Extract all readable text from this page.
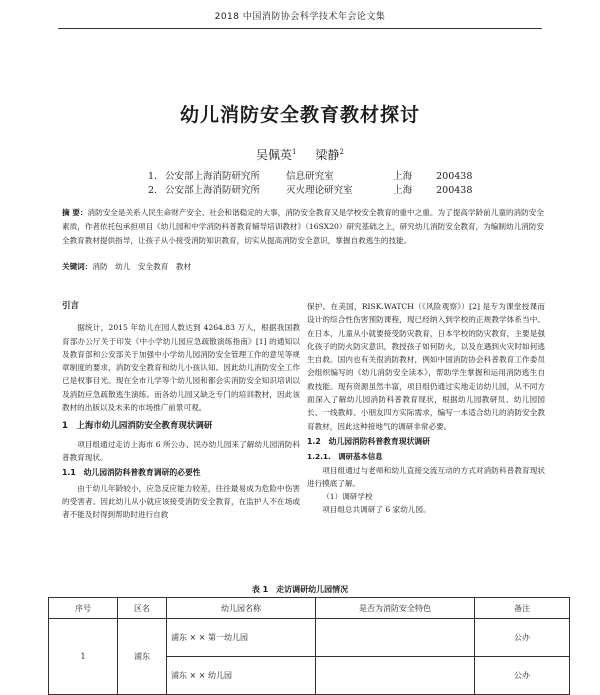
2018 中国消防协会科学技术年会论文集
幼儿消防安全教育教材探讨
吴佩英$^1$ 梁静$^2$
1. 公安部上海消防研究所	信息研究室	上海	200438
2. 公安部上海消防研究所	灭火理论研究室	上海	200438
摘 要：消防安全是关系人民生命财产安全、社会和谐稳定的大事，消防安全教育又是学校安全教育的重中之重。为了提高学龄前儿童的消防安全素质，作者依托包承担项目《幼儿园和中学消防科普教育辅导培训教材》（16SX20）研究基础之上，研究幼儿消防安全教育，为编制幼儿消防安全教育教材提供指导，让孩子从小接受消防知识教育，切实从提高消防安全意识，掌握自救逃生的技能。
关键词：消防　幼儿　安全教育　教材
引言

据统计，2015 年幼儿在园人数达到 4264.83 万人，根据我国教育部办公厅关于印发《中小学幼儿园应急疏散演练指南》[1] 的通知以及教育部和公安部关于加强中小学幼儿园消防安全管理工作的意见等规章制度的要求，消防安全教育和幼儿小孩认知。因此幼儿消防安全工作已是权事目光。现在全市儿学等个幼儿园和都会实消防安全知识培训以及消防应急疏散逃生演练。而各幼儿园又缺乏专门的培训教材，因此该教材的出版以及未来的市场推广前景可观。

1　上海市幼儿园消防安全教育现状调研

项目组通过走访上海市 6 所公办、民办幼儿园来了解幼儿园消防科普教育现状。

1.1　幼儿园消防科普教育调研的必要性

由于幼儿年龄较小，应急反应能力较差，往往最易成为危险中伤害的受害者。因此幼儿从小就应该接受消防安全教育，在监护人不在场或者不能及时得到帮助时进行自救

保护。在美国，RISK.WATCH（《风险观察》）[2] 是专为课堂授课而设计的综合性伤害预防课程，现已经纳入到学校的正规教学体系当中。在日本，儿童从小就要接受防灾教育，日本学校的防灾教育，主要是强化孩子的防火防灾意识，教授孩子如何防火，以及在遇到火灾时如何逃生自救。国内也有关很消防教材，例如中国消防协会科普教育工作委员会组织编写的《幼儿消防安全读本》，帮助学生掌握和运用消防逃生自救技能。现有资源虽然丰富，项目组仍通过实地走访幼儿园，从不同方面深入了解幼儿园消防科普教育现状，根据幼儿园教研员、幼儿园园长、一线教师、小朋友四方实际需求，编写一本适合幼儿的消防安全教育教材，因此这种接地气的调研非常必要。

1.2　幼儿园消防科普教育现状调研

1.2.1.　调研基本信息

项目组通过与老师和幼儿直接交流互动的方式对消防科普教育现状进行摸底了解。

（1）调研学校

项目组总共调研了 6 家幼儿园。

表 1　走访调研幼儿园情况
序号	区名	幼儿园名称	是否为消防安全特色	备注
1	浦东	浦东 × × 第一幼儿园		公办
		浦东 × × 幼儿园		公办
